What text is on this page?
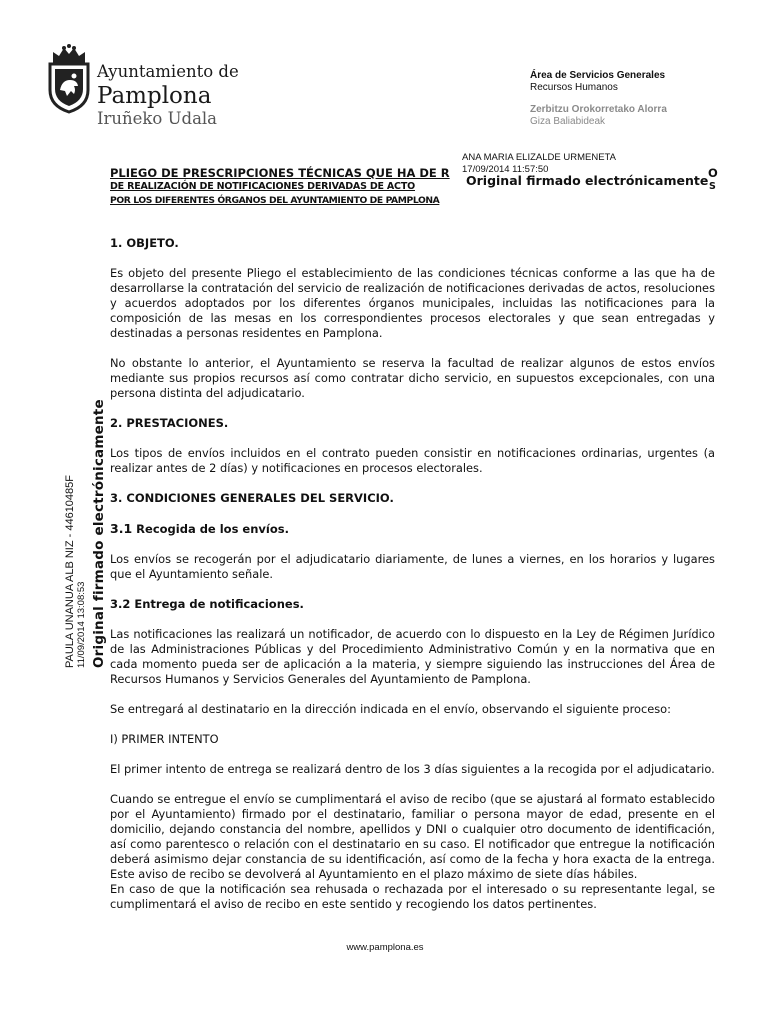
Ayuntamiento de
Pamplona
Iruñeko Udala
Área de Servicios Generales
Recursos Humanos
Zerbitzu Orokorretako Alorra
Giza Baliabideak
PLIEGO DE PRESCRIPCIONES TÉCNICAS QUE HA DE R	O
DE REALIZACIÓN DE NOTIFICACIONES DERIVADAS DE ACTO	S
POR LOS DIFERENTES ÓRGANOS DEL AYUNTAMIENTO DE PAMPLONA
ANA MARIA ELIZALDE URMENETA
17/09/2014 11:57:50
Original firmado electrónicamente
PAULA UNANUA ALB NIZ - 44610485F 11/09/2014 13:08:53 Original firmado electrónicamente
1. OBJETO.

Es objeto del presente Pliego el establecimiento de las condiciones técnicas conforme a las que ha de desarrollarse la contratación del servicio de realización de notificaciones derivadas de actos, resoluciones y acuerdos adoptados por los diferentes órganos municipales, incluidas las notificaciones para la composición de las mesas en los correspondientes procesos electorales y que sean entregadas y destinadas a personas residentes en Pamplona.

No obstante lo anterior, el Ayuntamiento se reserva la facultad de realizar algunos de estos envíos mediante sus propios recursos así como contratar dicho servicio, en supuestos excepcionales, con una persona distinta del adjudicatario.

2. PRESTACIONES.

Los tipos de envíos incluidos en el contrato pueden consistir en notificaciones ordinarias, urgentes (a realizar antes de 2 días) y notificaciones en procesos electorales.

3. CONDICIONES GENERALES DEL SERVICIO.
3.1 Recogida de los envíos.

Los envíos se recogerán por el adjudicatario diariamente, de lunes a viernes, en los horarios y lugares que el Ayuntamiento señale.

3.2 Entrega de notificaciones.

Las notificaciones las realizará un notificador, de acuerdo con lo dispuesto en la Ley de Régimen Jurídico de las Administraciones Públicas y del Procedimiento Administrativo Común y en la normativa que en cada momento pueda ser de aplicación a la materia, y siempre siguiendo las instrucciones del Área de Recursos Humanos y Servicios Generales del Ayuntamiento de Pamplona.

Se entregará al destinatario en la dirección indicada en el envío, observando el siguiente proceso:

I) PRIMER INTENTO

El primer intento de entrega se realizará dentro de los 3 días siguientes a la recogida por el adjudicatario.

Cuando se entregue el envío se cumplimentará el aviso de recibo (que se ajustará al formato establecido por el Ayuntamiento) firmado por el destinatario, familiar o persona mayor de edad, presente en el domicilio, dejando constancia del nombre, apellidos y DNI o cualquier otro documento de identificación, así como parentesco o relación con el destinatario en su caso. El notificador que entregue la notificación deberá asimismo dejar constancia de su identificación, así como de la fecha y hora exacta de la entrega. Este aviso de recibo se devolverá al Ayuntamiento en el plazo máximo de siete días hábiles.

En caso de que la notificación sea rehusada o rechazada por el interesado o su representante legal, se cumplimentará el aviso de recibo en este sentido y recogiendo los datos pertinentes.

www.pamplona.es
